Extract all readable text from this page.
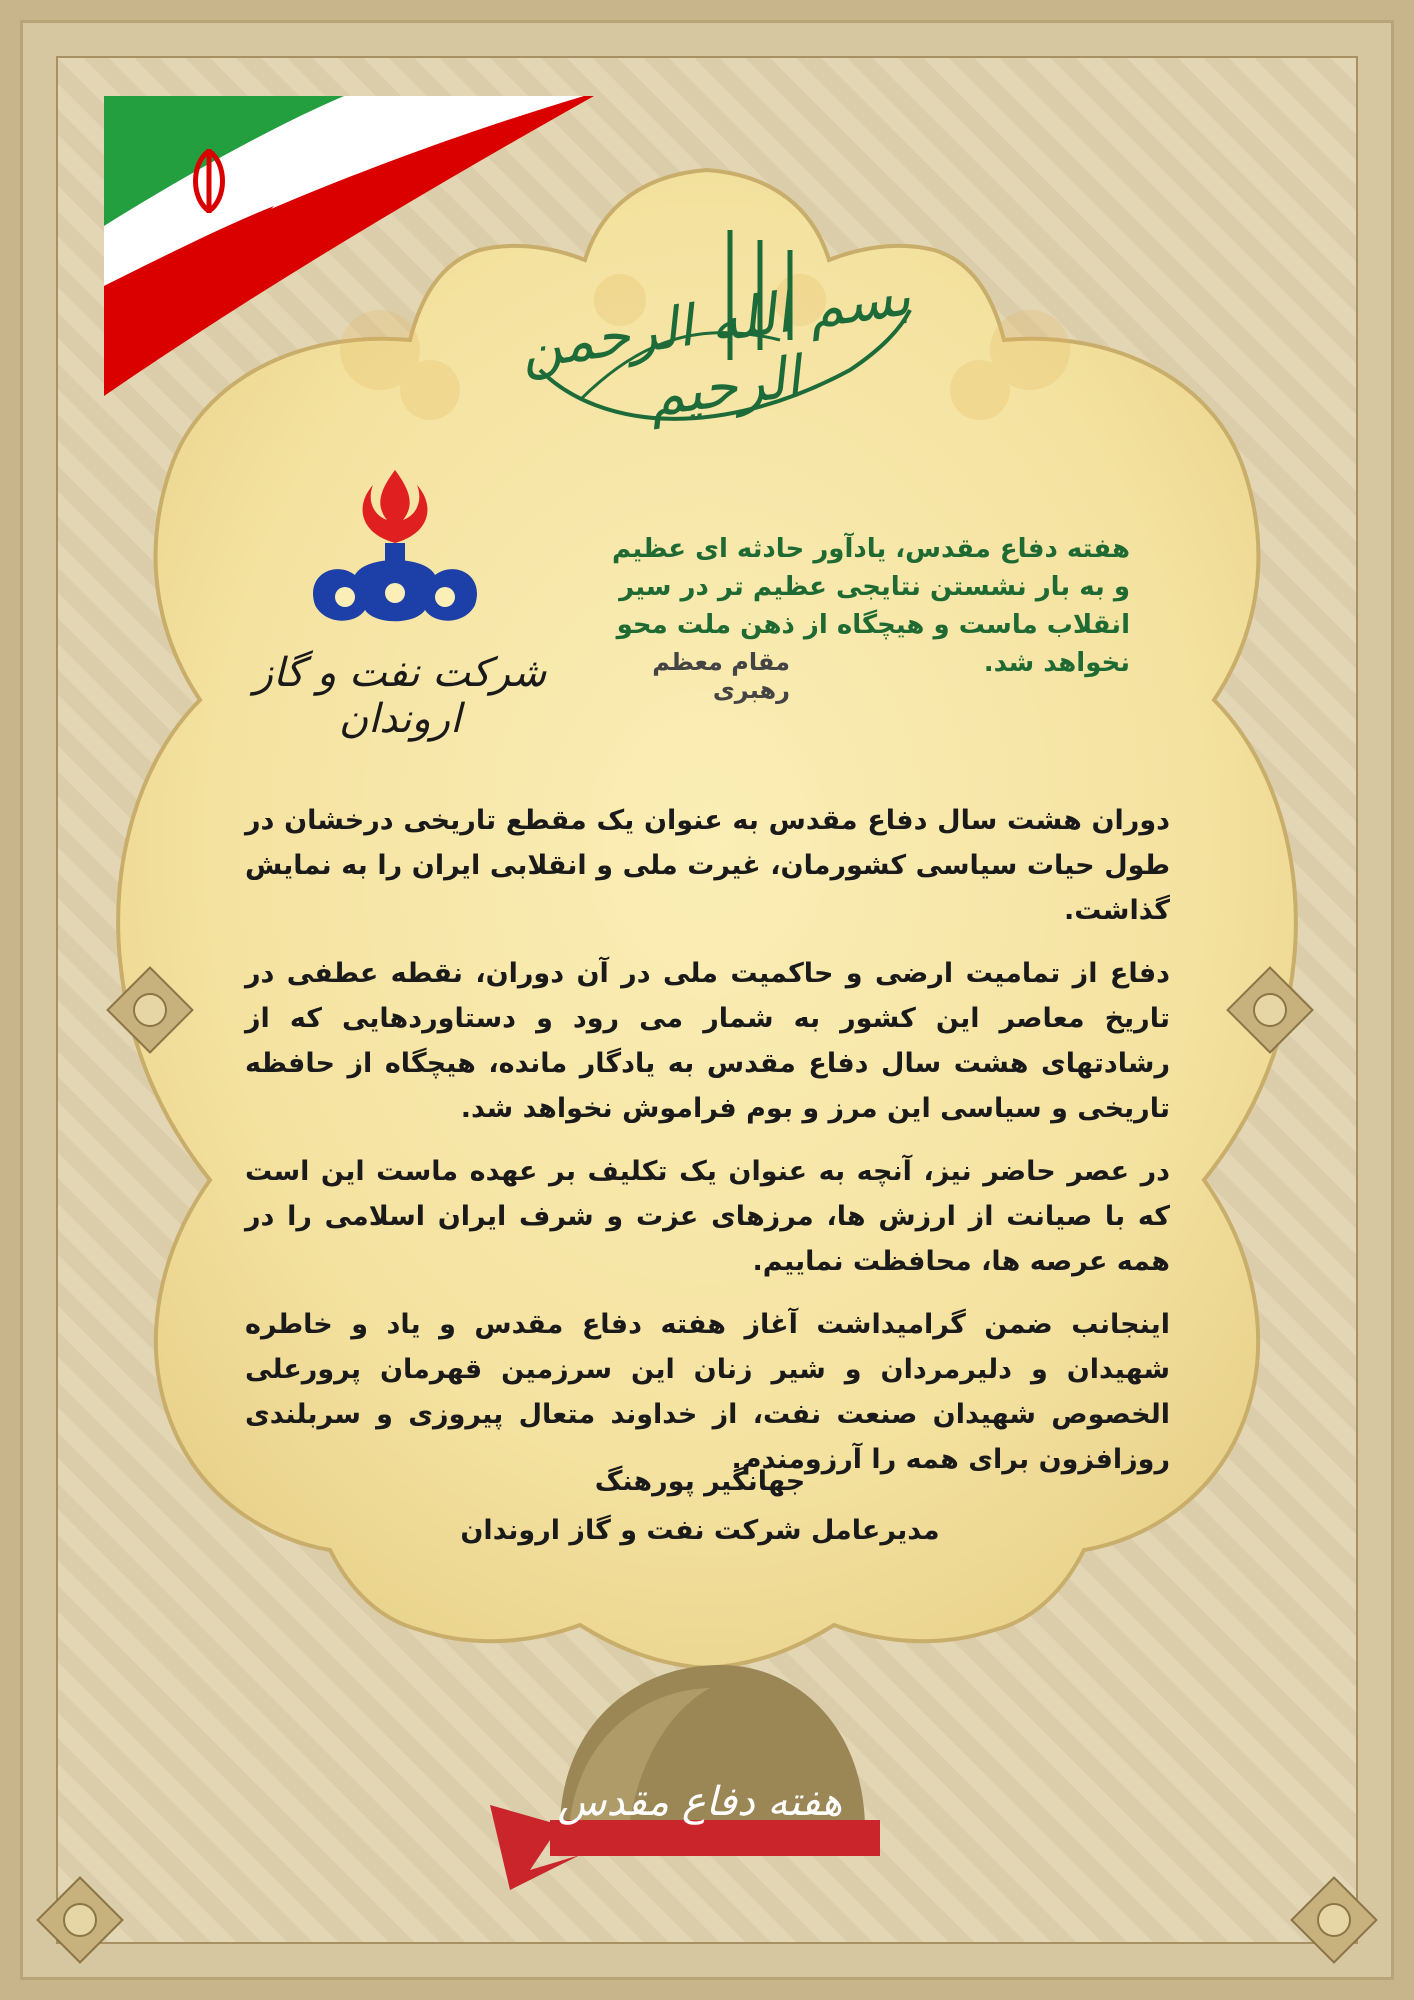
بسم الله الرحمن الرحیم
شرکت نفت و گاز اروندان
هفته دفاع مقدس، یادآور حادثه ای عظیم و به بار نشستن نتایجی عظیم تر در سیر انقلاب ماست و هیچگاه از ذهن ملت محو نخواهد شد.
مقام معظم رهبری

دوران هشت سال دفاع مقدس به عنوان یک مقطع تاریخی درخشان در طول حیات سیاسی کشورمان، غیرت ملی و انقلابی ایران را به نمایش گذاشت.

دفاع از تمامیت ارضی و حاکمیت ملی در آن دوران، نقطه عطفی در تاریخ معاصر این کشور به شمار می رود و دستاوردهایی که از رشادتهای هشت سال دفاع مقدس به یادگار مانده، هیچگاه از حافظه تاریخی و سیاسی این مرز و بوم فراموش نخواهد شد.

در عصر حاضر نیز، آنچه به عنوان یک تکلیف بر عهده ماست این است که با صیانت از ارزش ها، مرزهای عزت و شرف ایران اسلامی را در همه عرصه ها، محافظت نماییم.

اینجانب ضمن گرامیداشت آغاز هفته دفاع مقدس و یاد و خاطره شهیدان و دلیرمردان و شیر زنان این سرزمین قهرمان پرورعلی الخصوص شهیدان صنعت نفت، از خداوند متعال پیروزی و سربلندی روزافزون برای همه را آرزومندم.

جهانگیر پورهنگ
مدیرعامل شرکت نفت و گاز اروندان
هفته دفاع مقدس
